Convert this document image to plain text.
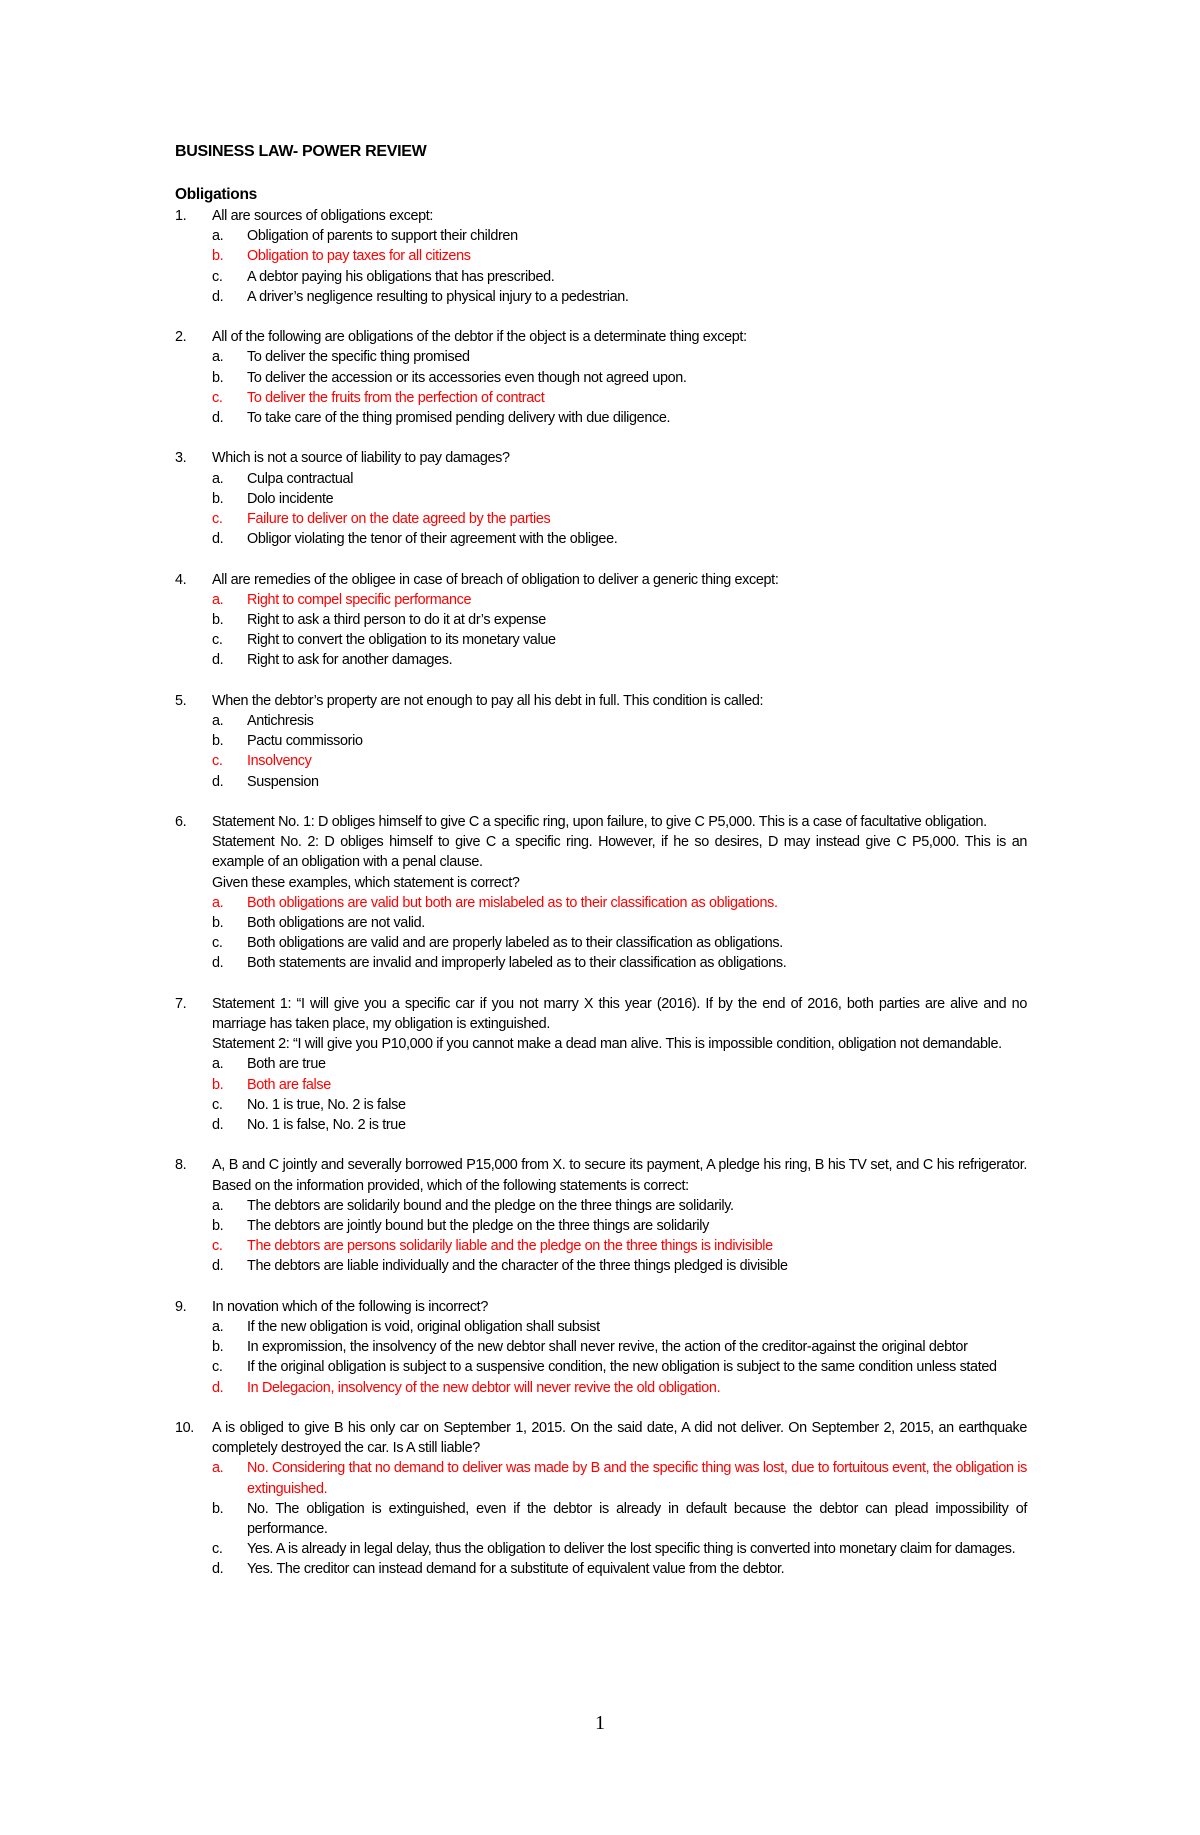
BUSINESS LAW- POWER REVIEW
Obligations
1.	All are sources of obligations except:

a.	Obligation of parents to support their children
b.	Obligation to pay taxes for all citizens
c.	A debtor paying his obligations that has prescribed.
d.	A driver’s negligence resulting to physical injury to a pedestrian.
2.	All of the following are obligations of the debtor if the object is a determinate thing except:

a.	To deliver the specific thing promised
b.	To deliver the accession or its accessories even though not agreed upon.
c.	To deliver the fruits from the perfection of contract
d.	To take care of the thing promised pending delivery with due diligence.
3.	Which is not a source of liability to pay damages?

a.	Culpa contractual
b.	Dolo incidente
c.	Failure to deliver on the date agreed by the parties
d.	Obligor violating the tenor of their agreement with the obligee.
4.	All are remedies of the obligee in case of breach of obligation to deliver a generic thing except:

a.	Right to compel specific performance
b.	Right to ask a third person to do it at dr’s expense
c.	Right to convert the obligation to its monetary value
d.	Right to ask for another damages.
5.	When the debtor’s property are not enough to pay all his debt in full. This condition is called:

a.	Antichresis
b.	Pactu commissorio
c.	Insolvency
d.	Suspension
6.	Statement No. 1: D obliges himself to give C a specific ring, upon failure, to give C P5,000. This is a case of facultative obligation.

Statement No. 2: D obliges himself to give C a specific ring. However, if he so desires, D may instead give C P5,000. This is an example of an obligation with a penal clause.

Given these examples, which statement is correct?

a.	Both obligations are valid but both are mislabeled as to their classification as obligations.
b.	Both obligations are not valid.
c.	Both obligations are valid and are properly labeled as to their classification as obligations.
d.	Both statements are invalid and improperly labeled as to their classification as obligations.
7.	Statement 1: “I will give you a specific car if you not marry X this year (2016). If by the end of 2016, both parties are alive and no marriage has taken place, my obligation is extinguished.

Statement 2: “I will give you P10,000 if you cannot make a dead man alive. This is impossible condition, obligation not demandable.

a.	Both are true
b.	Both are false
c.	No. 1 is true, No. 2 is false
d.	No. 1 is false, No. 2 is true
8.	A, B and C jointly and severally borrowed P15,000 from X. to secure its payment, A pledge his ring, B his TV set, and C his refrigerator. Based on the information provided, which of the following statements is correct:

a.	The debtors are solidarily bound and the pledge on the three things are solidarily.
b.	The debtors are jointly bound but the pledge on the three things are solidarily
c.	The debtors are persons solidarily liable and the pledge on the three things is indivisible
d.	The debtors are liable individually and the character of the three things pledged is divisible
9.	In novation which of the following is incorrect?

a.	If the new obligation is void, original obligation shall subsist
b.	In expromission, the insolvency of the new debtor shall never revive, the action of the creditor-against the original debtor
c.	If the original obligation is subject to a suspensive condition, the new obligation is subject to the same condition unless stated
d.	In Delegacion, insolvency of the new debtor will never revive the old obligation.
10.	A is obliged to give B his only car on September 1, 2015. On the said date, A did not deliver. On September 2, 2015, an earthquake completely destroyed the car. Is A still liable?

a.	No. Considering that no demand to deliver was made by B and the specific thing was lost, due to fortuitous event, the obligation is extinguished.
b.	No. The obligation is extinguished, even if the debtor is already in default because the debtor can plead impossibility of performance.
c.	Yes. A is already in legal delay, thus the obligation to deliver the lost specific thing is converted into monetary claim for damages.
d.	Yes. The creditor can instead demand for a substitute of equivalent value from the debtor.
1
